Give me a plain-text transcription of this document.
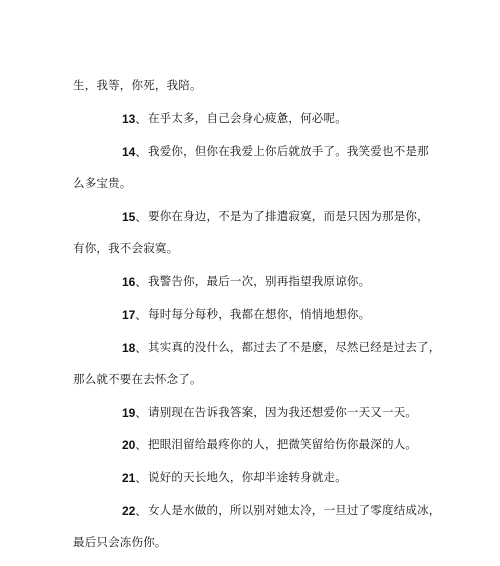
生，我等，你死，我陪。
13、 在乎太多，自己会身心疲惫，何必呢。
14、 我爱你，但你在我爱上你后就放手了。我笑爱也不是那
么多宝贵。
15、 要你在身边，不是为了排遣寂寞，而是只因为那是你，
有你，我不会寂寞。
16、 我警告你，最后一次，别再指望我原谅你。
17、 每时每分每秒，我都在想你，悄悄地想你。
18、 其实真的没什么，都过去了不是麽，尽然已经是过去了，
那么就不要在去怀念了。
19、 请别现在告诉我答案，因为我还想爱你一天又一天。
20、 把眼泪留给最疼你的人，把微笑留给伤你最深的人。
21、 说好的天长地久，你却半途转身就走。
22、 女人是水做的，所以别对她太冷，一旦过了零度结成冰，
最后只会冻伤你。
